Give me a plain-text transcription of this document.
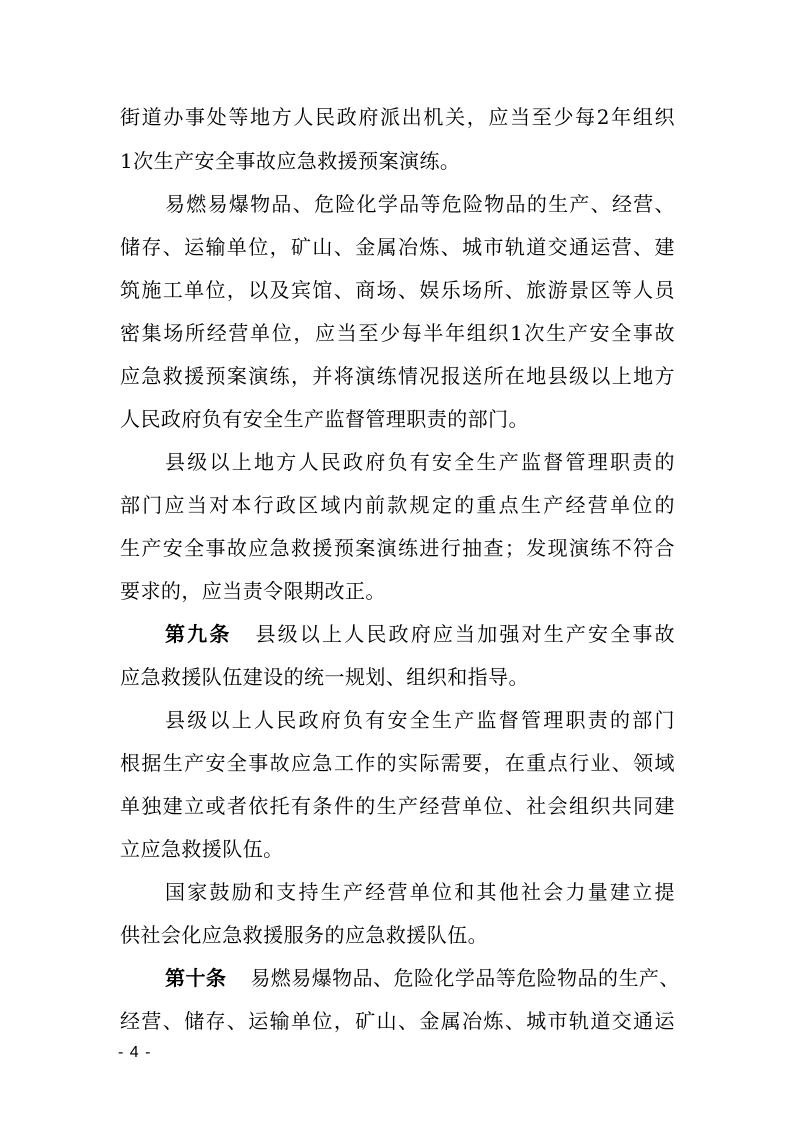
街道办事处等地方人民政府派出机关，应当至少每2年组织
1次生产安全事故应急救援预案演练。
易燃易爆物品、危险化学品等危险物品的生产、经营、
储存、运输单位，矿山、金属冶炼、城市轨道交通运营、建
筑施工单位，以及宾馆、商场、娱乐场所、旅游景区等人员
密集场所经营单位，应当至少每半年组织1次生产安全事故
应急救援预案演练，并将演练情况报送所在地县级以上地方
人民政府负有安全生产监督管理职责的部门。
县级以上地方人民政府负有安全生产监督管理职责的
部门应当对本行政区域内前款规定的重点生产经营单位的
生产安全事故应急救援预案演练进行抽查；发现演练不符合
要求的，应当责令限期改正。
第九条 县级以上人民政府应当加强对生产安全事故
应急救援队伍建设的统一规划、组织和指导。
县级以上人民政府负有安全生产监督管理职责的部门
根据生产安全事故应急工作的实际需要，在重点行业、领域
单独建立或者依托有条件的生产经营单位、社会组织共同建
立应急救援队伍。
国家鼓励和支持生产经营单位和其他社会力量建立提
供社会化应急救援服务的应急救援队伍。
第十条 易燃易爆物品、危险化学品等危险物品的生产、
经营、储存、运输单位，矿山、金属冶炼、城市轨道交通运
- 4 -
